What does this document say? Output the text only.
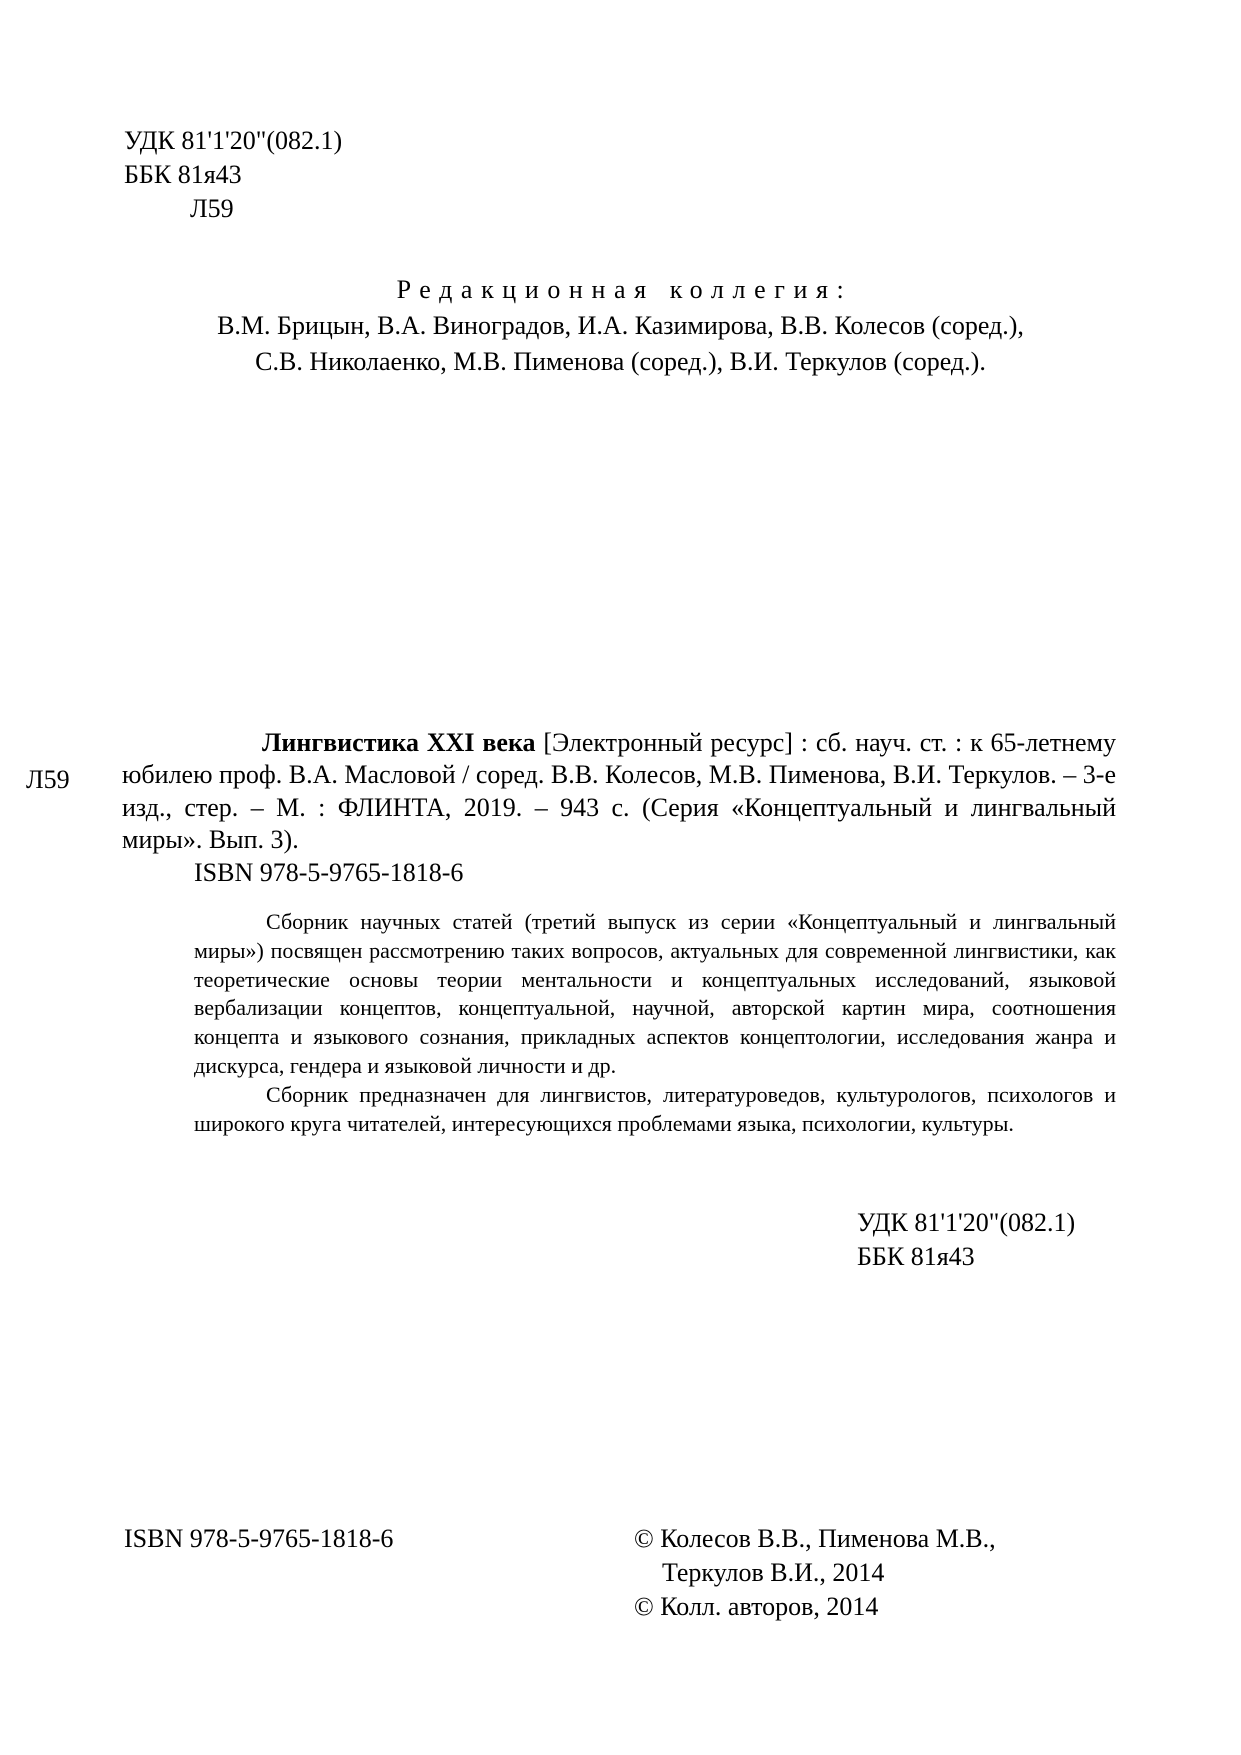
УДК 81'1'20"(082.1)
ББК 81я43
Л59
Редакционная коллегия:
В.М. Брицын, В.А. Виноградов, И.А. Казимирова, В.В. Колесов (соред.),
С.В. Николаенко, М.В. Пименова (соред.), В.И. Теркулов (соред.).
Л59

Лингвистика XXI века [Электронный ресурс] : сб. науч. ст. : к 65-летнему юбилею проф. В.А. Масловой / соред. В.В. Колесов, М.В. Пименова, В.И. Теркулов. – 3-е изд., стер. – М. : ФЛИНТА, 2019. – 943 с. (Серия «Концептуальный и лингвальный миры». Вып. 3).

ISBN 978-5-9765-1818-6

Сборник научных статей (третий выпуск из серии «Концептуальный и лингвальный миры») посвящен рассмотрению таких вопросов, актуальных для современной лингвистики, как теоретические основы теории ментальности и концептуальных исследований, языковой вербализации концептов, концептуальной, научной, авторской картин мира, соотношения концепта и языкового сознания, прикладных аспектов концептологии, исследования жанра и дискурса, гендера и языковой личности и др.

Сборник предназначен для лингвистов, литературоведов, культурологов, психологов и широкого круга читателей, интересующихся проблемами языка, психологии, культуры.

УДК 81'1'20"(082.1)
ББК 81я43
ISBN 978-5-9765-1818-6	© Колесов В.В., Пименова М.В.,
Теркулов В.И., 2014
© Колл. авторов, 2014
